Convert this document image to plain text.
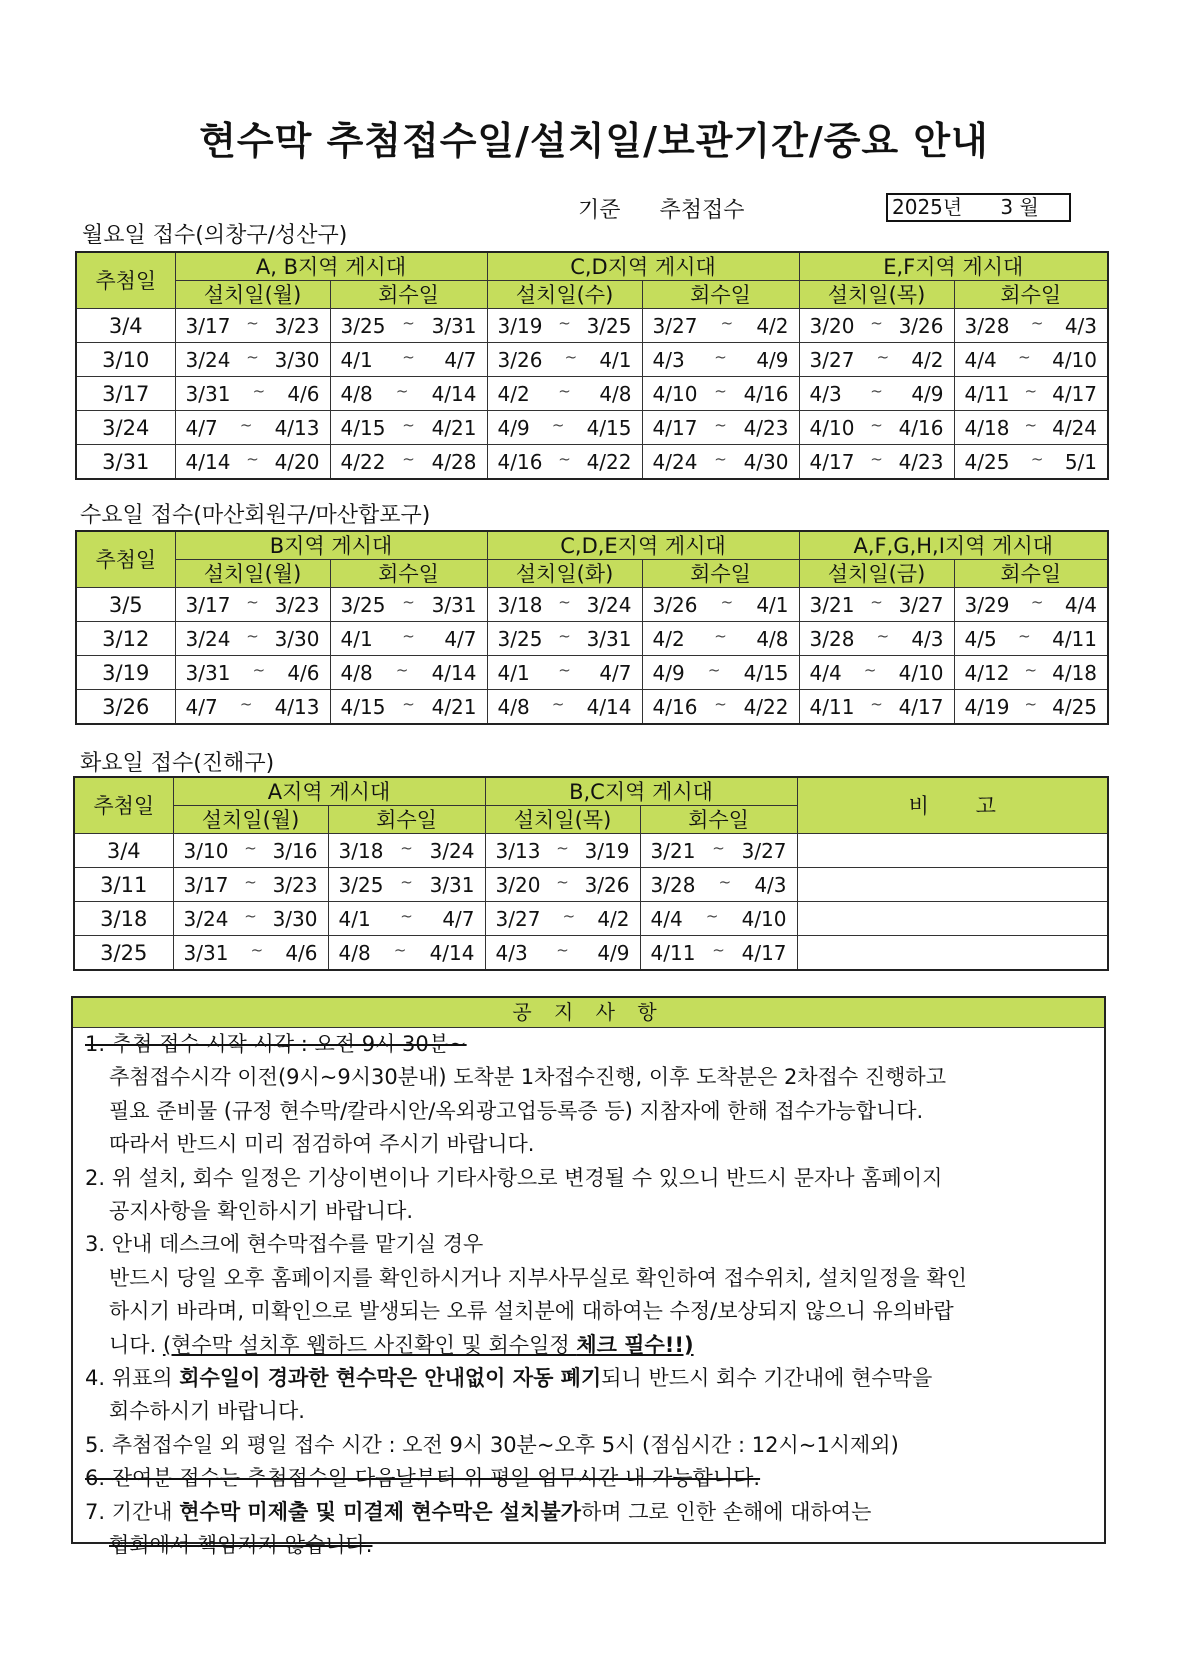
현수막 추첨접수일/설치일/보관기간/중요 안내
기준 추첨접수	2025년      3 월
월요일 접수(의창구/성산구)
추첨일	A, B지역 게시대		C,D지역 게시대		E,F지역 게시대	
	설치일(월)	회수일	설치일(수)	회수일	설치일(목)	회수일
3/4	3/17 ~ 3/23	3/25 ~ 3/31	3/19 ~ 3/25	3/27 ~ 4/2	3/20 ~ 3/26	3/28 ~ 4/3

3/10	3/24 ~ 3/30	4/1 ~ 4/7	3/26 ~ 4/1	4/3 ~ 4/9	3/27 ~ 4/2	4/4 ~ 4/10

3/17	3/31 ~ 4/6	4/8 ~ 4/14	4/2 ~ 4/8	4/10 ~ 4/16	4/3 ~ 4/9	4/11 ~ 4/17

3/24	4/7 ~ 4/13	4/15 ~ 4/21	4/9 ~ 4/15	4/17 ~ 4/23	4/10 ~ 4/16	4/18 ~ 4/24

3/31	4/14 ~ 4/20	4/22 ~ 4/28	4/16 ~ 4/22	4/24 ~ 4/30	4/17 ~ 4/23	4/25 ~ 5/1
수요일 접수(마산회원구/마산합포구)
추첨일	B지역 게시대		C,D,E지역 게시대		A,F,G,H,I지역 게시대	
	설치일(월)	회수일	설치일(화)	회수일	설치일(금)	회수일
3/5	3/17 ~ 3/23	3/25 ~ 3/31	3/18 ~ 3/24	3/26 ~ 4/1	3/21 ~ 3/27	3/29 ~ 4/4

3/12	3/24 ~ 3/30	4/1 ~ 4/7	3/25 ~ 3/31	4/2 ~ 4/8	3/28 ~ 4/3	4/5 ~ 4/11

3/19	3/31 ~ 4/6	4/8 ~ 4/14	4/1 ~ 4/7	4/9 ~ 4/15	4/4 ~ 4/10	4/12 ~ 4/18

3/26	4/7 ~ 4/13	4/15 ~ 4/21	4/8 ~ 4/14	4/16 ~ 4/22	4/11 ~ 4/17	4/19 ~ 4/25
화요일 접수(진해구)
추첨일	A지역 게시대		B,C지역 게시대		비       고
	설치일(월)	회수일	설치일(목)	회수일	
3/4	3/10 ~ 3/16	3/18 ~ 3/24	3/13 ~ 3/19	3/21 ~ 3/27	

3/11	3/17 ~ 3/23	3/25 ~ 3/31	3/20 ~ 3/26	3/28 ~ 4/3	

3/18	3/24 ~ 3/30	4/1 ~ 4/7	3/27 ~ 4/2	4/4 ~ 4/10	

3/25	3/31 ~ 4/6	4/8 ~ 4/14	4/3 ~ 4/9	4/11 ~ 4/17	

공 지 사 항

1. 추첨 접수 시작 시각 : 오전 9시 30분~

추첨접수시각 이전(9시~9시30분내) 도착분 1차접수진행, 이후 도착분은 2차접수 진행하고

필요 준비물 (규정 현수막/칼라시안/옥외광고업등록증 등) 지참자에 한해 접수가능합니다.

따라서 반드시 미리 점검하여 주시기 바랍니다.

2. 위 설치, 회수 일정은 기상이변이나 기타사항으로 변경될 수 있으니 반드시 문자나 홈페이지

공지사항을 확인하시기 바랍니다.

3. 안내 데스크에 현수막접수를 맡기실 경우

반드시 당일 오후 홈페이지를 확인하시거나 지부사무실로 확인하여 접수위치, 설치일정을 확인

하시기 바라며, 미확인으로 발생되는 오류 설치분에 대하여는 수정/보상되지 않으니 유의바랍

니다. (현수막 설치후 웹하드 사진확인 및 회수일정 체크 필수!!)

4. 위표의 회수일이 경과한 현수막은 안내없이 자동 폐기되니 반드시 회수 기간내에 현수막을

회수하시기 바랍니다.

5. 추첨접수일 외 평일 접수 시간 : 오전 9시 30분~오후 5시 (점심시간 : 12시~1시제외)

6. 잔여분 접수는 추첨접수일 다음날부터 위 평일 업무시간 내 가능합니다.

7. 기간내 현수막 미제출 및 미결제 현수막은 설치불가하며 그로 인한 손해에 대하여는

협회에서 책임지지 않습니다.
